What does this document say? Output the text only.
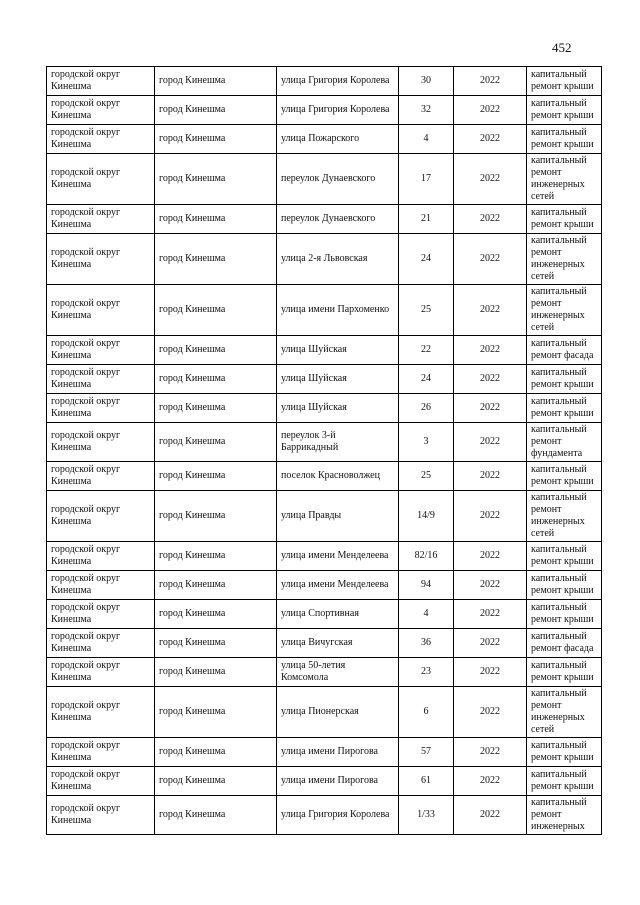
452
городской округ Кинешма	город Кинешма	улица Григория Королева	30	2022	капитальный ремонт крыши
городской округ Кинешма	город Кинешма	улица Григория Королева	32	2022	капитальный ремонт крыши
городской округ Кинешма	город Кинешма	улица Пожарского	4	2022	капитальный ремонт крыши
городской округ Кинешма	город Кинешма	переулок Дунаевского	17	2022	капитальный ремонт инженерных сетей
городской округ Кинешма	город Кинешма	переулок Дунаевского	21	2022	капитальный ремонт крыши
городской округ Кинешма	город Кинешма	улица 2-я Львовская	24	2022	капитальный ремонт инженерных сетей
городской округ Кинешма	город Кинешма	улица имени Пархоменко	25	2022	капитальный ремонт инженерных сетей
городской округ Кинешма	город Кинешма	улица Шуйская	22	2022	капитальный ремонт фасада
городской округ Кинешма	город Кинешма	улица Шуйская	24	2022	капитальный ремонт крыши
городской округ Кинешма	город Кинешма	улица Шуйская	26	2022	капитальный ремонт крыши
городской округ Кинешма	город Кинешма	переулок 3-й Баррикадный	3	2022	капитальный ремонт фундамента
городской округ Кинешма	город Кинешма	поселок Красноволжец	25	2022	капитальный ремонт крыши
городской округ Кинешма	город Кинешма	улица Правды	14/9	2022	капитальный ремонт инженерных сетей
городской округ Кинешма	город Кинешма	улица имени Менделеева	82/16	2022	капитальный ремонт крыши
городской округ Кинешма	город Кинешма	улица имени Менделеева	94	2022	капитальный ремонт крыши
городской округ Кинешма	город Кинешма	улица Спортивная	4	2022	капитальный ремонт крыши
городской округ Кинешма	город Кинешма	улица Вичугская	36	2022	капитальный ремонт фасада
городской округ Кинешма	город Кинешма	улица 50-летия Комсомола	23	2022	капитальный ремонт крыши
городской округ Кинешма	город Кинешма	улица Пионерская	6	2022	капитальный ремонт инженерных сетей
городской округ Кинешма	город Кинешма	улица имени Пирогова	57	2022	капитальный ремонт крыши
городской округ Кинешма	город Кинешма	улица имени Пирогова	61	2022	капитальный ремонт крыши
городской округ Кинешма	город Кинешма	улица Григория Королева	1/33	2022	капитальный ремонт инженерных
